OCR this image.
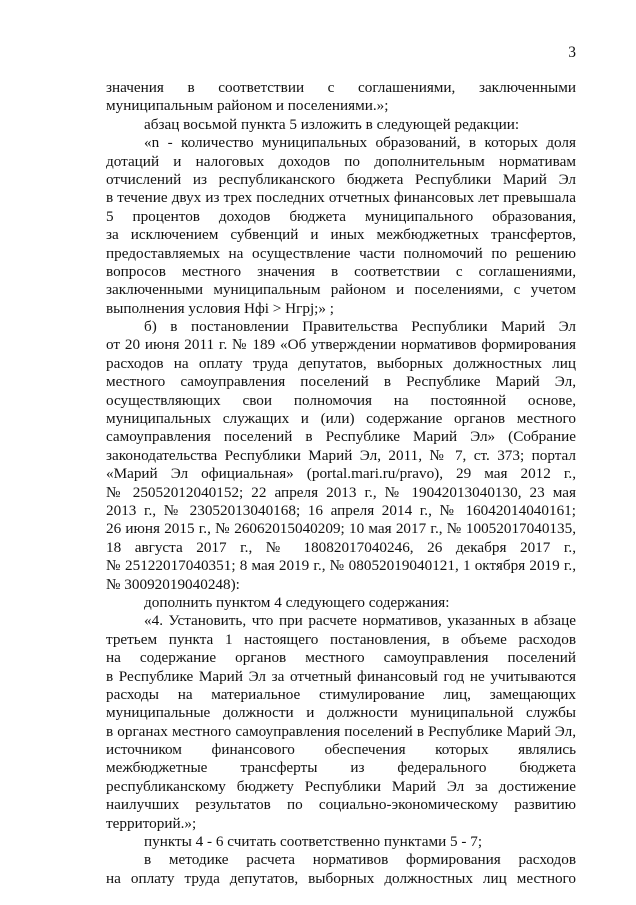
3
значения в соответствии с соглашениями, заключенными
муниципальным районом и поселениями.»;
абзац восьмой пункта 5 изложить в следующей редакции:
«n - количество муниципальных образований, в которых доля
дотаций и налоговых доходов по дополнительным нормативам
отчислений из республиканского бюджета Республики Марий Эл
в течение двух из трех последних отчетных финансовых лет превышала
5 процентов доходов бюджета муниципального образования,
за исключением субвенций и иных межбюджетных трансфертов,
предоставляемых на осуществление части полномочий по решению
вопросов местного значения в соответствии с соглашениями,
заключенными муниципальным районом и поселениями, с учетом
выполнения условия Hфi > Hгрj;» ;
б) в постановлении Правительства Республики Марий Эл
от 20 июня 2011 г. № 189 «Об утверждении нормативов формирования
расходов на оплату труда депутатов, выборных должностных лиц
местного самоуправления поселений в Республике Марий Эл,
осуществляющих свои полномочия на постоянной основе,
муниципальных служащих и (или) содержание органов местного
самоуправления поселений в Республике Марий Эл» (Собрание
законодательства Республики Марий Эл, 2011, № 7, ст. 373; портал
«Марий Эл официальная» (portal.mari.ru/pravo), 29 мая 2012 г.,
№ 25052012040152; 22 апреля 2013 г., № 19042013040130, 23 мая
2013 г., № 23052013040168; 16 апреля 2014 г., № 16042014040161;
26 июня 2015 г., № 26062015040209; 10 мая 2017 г., № 10052017040135,
18 августа 2017 г., № 18082017040246, 26 декабря 2017 г.,
№ 25122017040351; 8 мая 2019 г., № 08052019040121, 1 октября 2019 г.,
№ 30092019040248):
дополнить пунктом 4 следующего содержания:
«4. Установить, что при расчете нормативов, указанных в абзаце
третьем пункта 1 настоящего постановления, в объеме расходов
на содержание органов местного самоуправления поселений
в Республике Марий Эл за отчетный финансовый год не учитываются
расходы на материальное стимулирование лиц, замещающих
муниципальные должности и должности муниципальной службы
в органах местного самоуправления поселений в Республике Марий Эл,
источником финансового обеспечения которых являлись
межбюджетные трансферты из федерального бюджета
республиканскому бюджету Республики Марий Эл за достижение
наилучших результатов по социально-экономическому развитию
территорий.»;
пункты 4 - 6 считать соответственно пунктами 5 - 7;
в методике расчета нормативов формирования расходов
на оплату труда депутатов, выборных должностных лиц местного
